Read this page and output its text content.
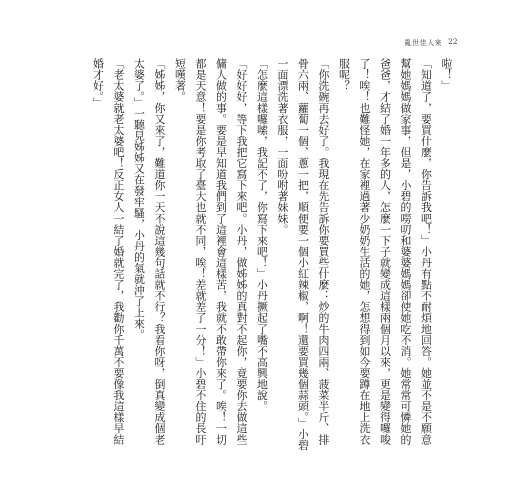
亂世佳人來 22

啦！」

「知道了，要買什麼，你告訴我吧！」小丹有點不耐煩地回答。她並不是不願意幫她媽媽做家事，但是，小碧的嘮叨和婆婆媽媽卻使她吃不消。她常常可憐她的爸爸，才結了婚一年多的人，怎麼一下子就變成這樣兩個月以來，更是變得囉唆了！唉！也難怪她，在家裡過著少奶奶生活的她，怎想得到如今要蹲在地上洗衣服呢？

「你洗碗再去好了。我現在先告訴你要買些什麼：炒的牛肉四兩、菠菜半斤、排骨六兩、蘿蔔一個、蔥一把，順便要一個小紅辣椒，啊！還要買幾個蒜頭。」小碧一面漂洗著衣服，一面吩咐著妹妹。

「怎麼這樣囉嗦，我記不了，你寫下來吧！」小丹撅起了嘴不高興地說。

「好好好，等下我把它寫下來吧。小丹，做姊姊的真對不起你，竟要你去做這些傭人做的事。要是早知道我們到了這裡會這樣苦，我就不敢帶你來了。唉！一切都是天意！要是你考取了臺大也就不同，唉！差就差了一分！」小碧不住的長吁短嘆著。

「姊姊，你又來了，難道你一天不說這幾句話就不行？我看你呀，倒真變成個老太婆了。」一聽見姊姊又在發牢騷，小丹的氣就沖了上來。

「老太婆就老太婆吧！反正女人一結了婚就完了，我勸你千萬不要像我這樣早結婚才好。」
